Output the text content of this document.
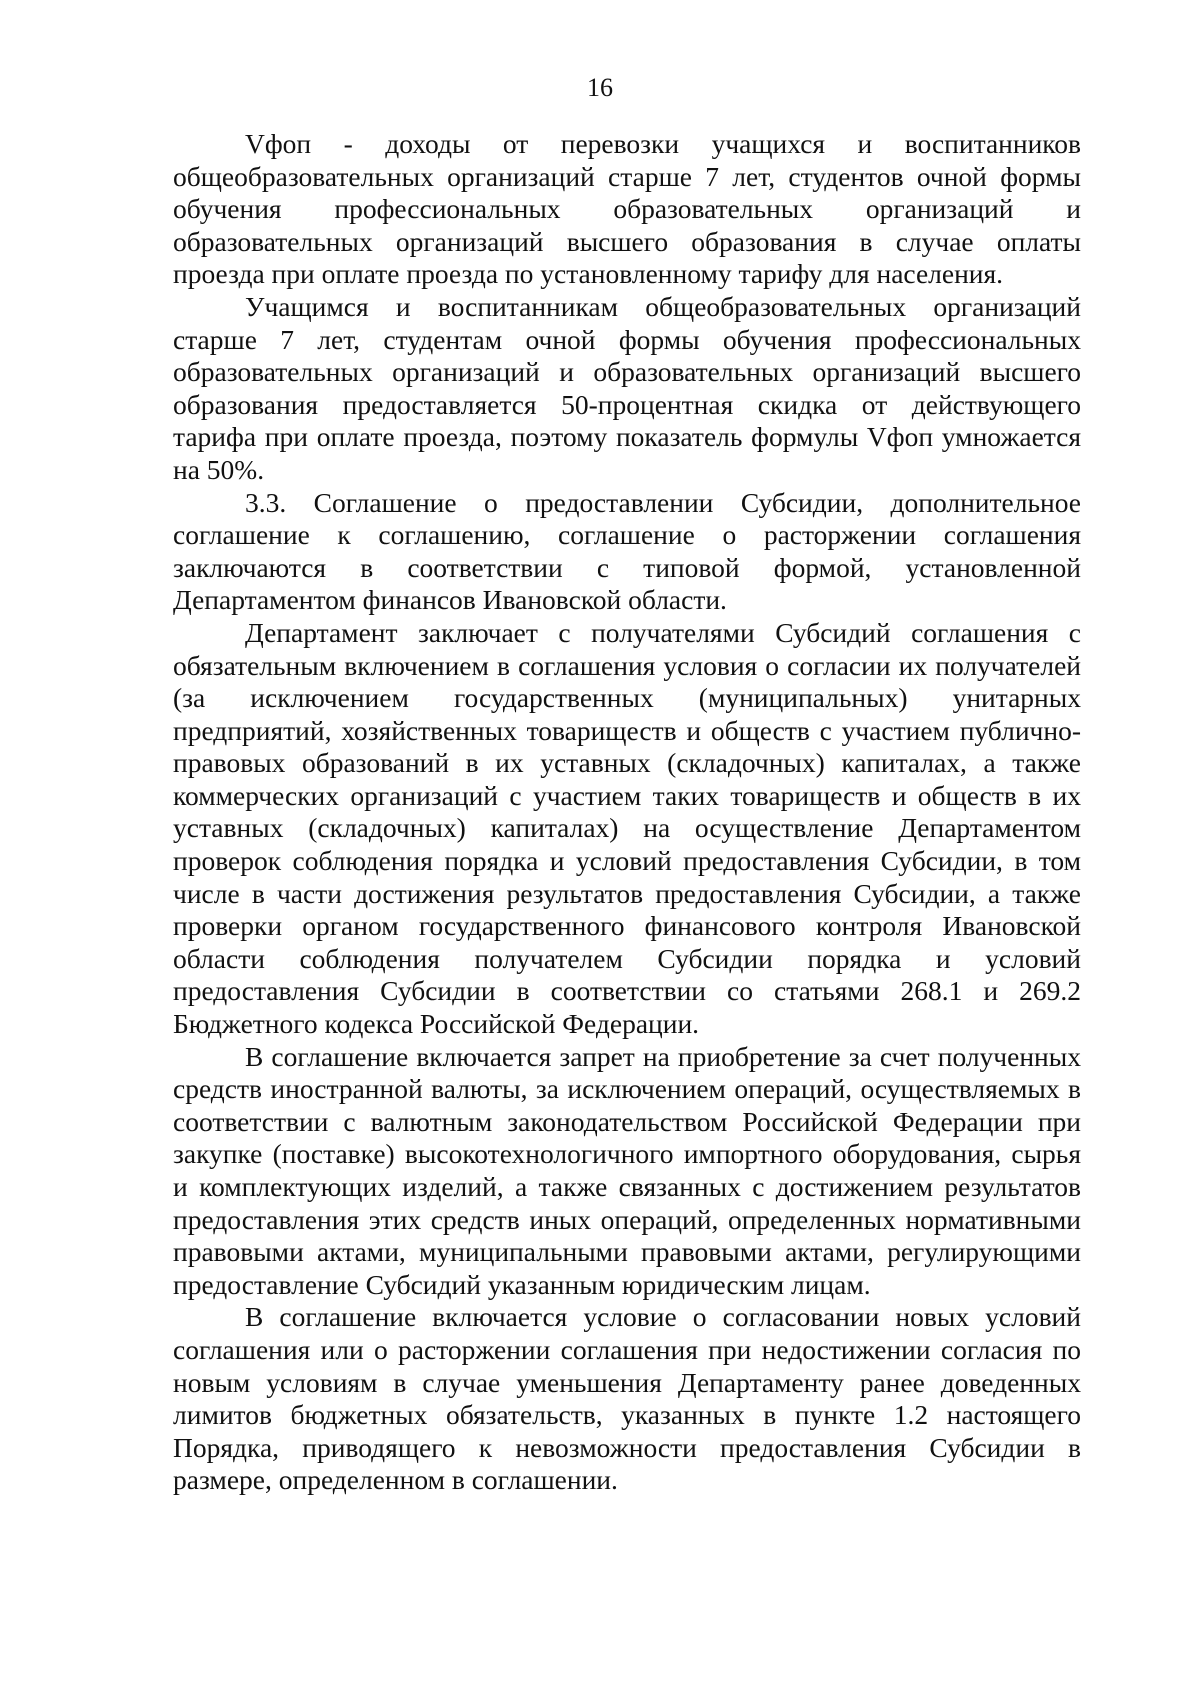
16

Vфоп - доходы от перевозки учащихся и воспитанников общеобразовательных организаций старше 7 лет, студентов очной формы обучения профессиональных образовательных организаций и образовательных организаций высшего образования в случае оплаты проезда при оплате проезда по установленному тарифу для населения.

Учащимся и воспитанникам общеобразовательных организаций старше 7 лет, студентам очной формы обучения профессиональных образовательных организаций и образовательных организаций высшего образования предоставляется 50-процентная скидка от действующего тарифа при оплате проезда, поэтому показатель формулы Vфоп умножается на 50%.

3.3. Соглашение о предоставлении Субсидии, дополнительное соглашение к соглашению, соглашение о расторжении соглашения заключаются в соответствии с типовой формой, установленной Департаментом финансов Ивановской области.

Департамент заключает с получателями Субсидий соглашения с обязательным включением в соглашения условия о согласии их получателей (за исключением государственных (муниципальных) унитарных предприятий, хозяйственных товариществ и обществ с участием публично-правовых образований в их уставных (складочных) капиталах, а также коммерческих организаций с участием таких товариществ и обществ в их уставных (складочных) капиталах) на осуществление Департаментом проверок соблюдения порядка и условий предоставления Субсидии, в том числе в части достижения результатов предоставления Субсидии, а также проверки органом государственного финансового контроля Ивановской области соблюдения получателем Субсидии порядка и условий предоставления Субсидии в соответствии со статьями 268.1 и 269.2 Бюджетного кодекса Российской Федерации.

В соглашение включается запрет на приобретение за счет полученных средств иностранной валюты, за исключением операций, осуществляемых в соответствии с валютным законодательством Российской Федерации при закупке (поставке) высокотехнологичного импортного оборудования, сырья и комплектующих изделий, а также связанных с достижением результатов предоставления этих средств иных операций, определенных нормативными правовыми актами, муниципальными правовыми актами, регулирующими предоставление Субсидий указанным юридическим лицам.

В соглашение включается условие о согласовании новых условий соглашения или о расторжении соглашения при недостижении согласия по новым условиям в случае уменьшения Департаменту ранее доведенных лимитов бюджетных обязательств, указанных в пункте 1.2 настоящего Порядка, приводящего к невозможности предоставления Субсидии в размере, определенном в соглашении.
